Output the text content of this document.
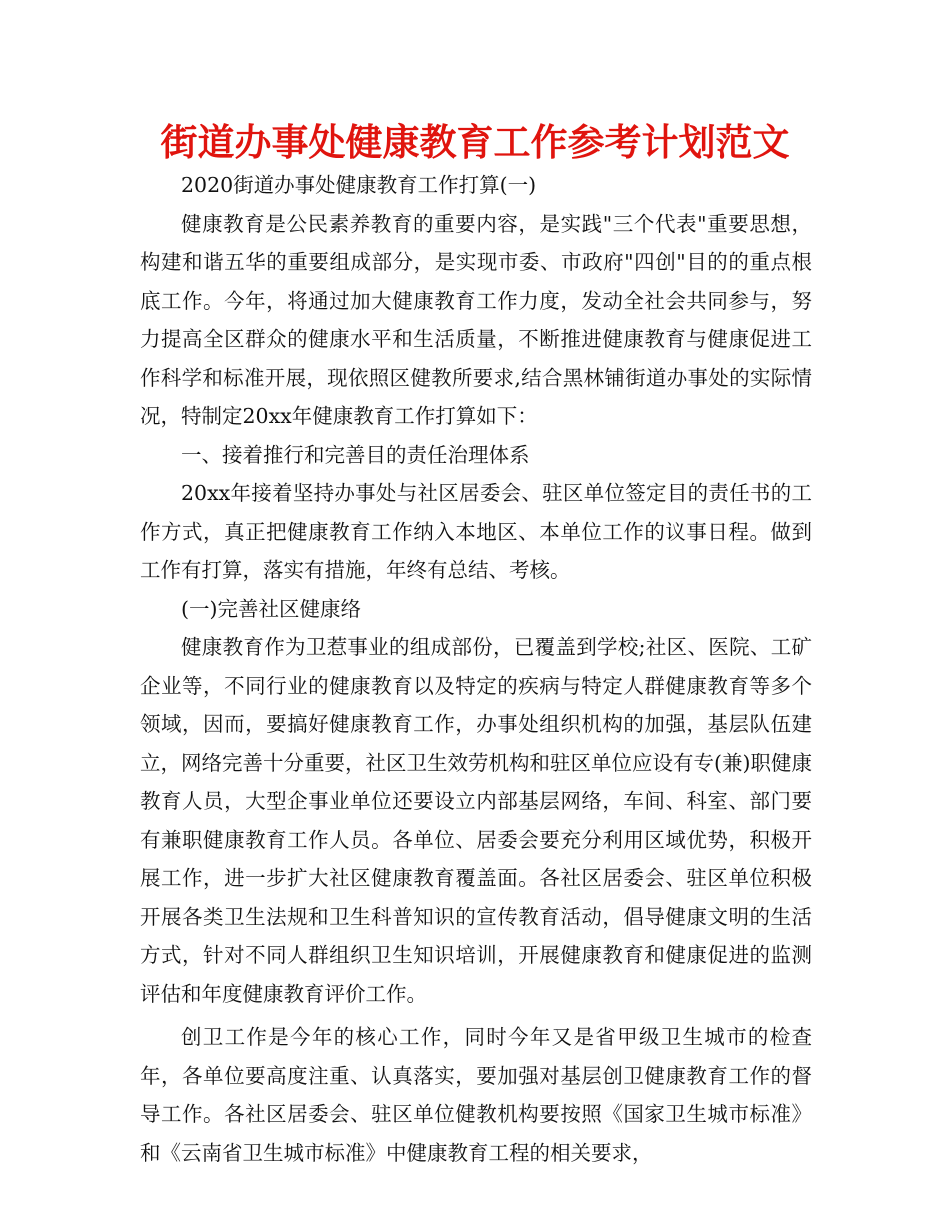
街道办事处健康教育工作参考计划范文

2020街道办事处健康教育工作打算(一)

健康教育是公民素养教育的重要内容，是实践"三个代表"重要思想，构建和谐五华的重要组成部分，是实现市委、市政府"四创"目的的重点根底工作。今年，将通过加大健康教育工作力度，发动全社会共同参与，努力提高全区群众的健康水平和生活质量，不断推进健康教育与健康促进工作科学和标准开展，现依照区健教所要求,结合黑林铺街道办事处的实际情况，特制定20xx年健康教育工作打算如下：

一、接着推行和完善目的责任治理体系

20xx年接着坚持办事处与社区居委会、驻区单位签定目的责任书的工作方式，真正把健康教育工作纳入本地区、本单位工作的议事日程。做到工作有打算，落实有措施，年终有总结、考核。

(一)完善社区健康络

健康教育作为卫惹事业的组成部份，已覆盖到学校;社区、医院、工矿企业等，不同行业的健康教育以及特定的疾病与特定人群健康教育等多个领域，因而，要搞好健康教育工作，办事处组织机构的加强，基层队伍建立，网络完善十分重要，社区卫生效劳机构和驻区单位应设有专(兼)职健康教育人员，大型企事业单位还要设立内部基层网络，车间、科室、部门要有兼职健康教育工作人员。各单位、居委会要充分利用区域优势，积极开展工作，进一步扩大社区健康教育覆盖面。各社区居委会、驻区单位积极开展各类卫生法规和卫生科普知识的宣传教育活动，倡导健康文明的生活方式，针对不同人群组织卫生知识培训，开展健康教育和健康促进的监测评估和年度健康教育评价工作。

创卫工作是今年的核心工作，同时今年又是省甲级卫生城市的检查年，各单位要高度注重、认真落实，要加强对基层创卫健康教育工作的督导工作。各社区居委会、驻区单位健教机构要按照《国家卫生城市标准》和《云南省卫生城市标准》中健康教育工程的相关要求，
